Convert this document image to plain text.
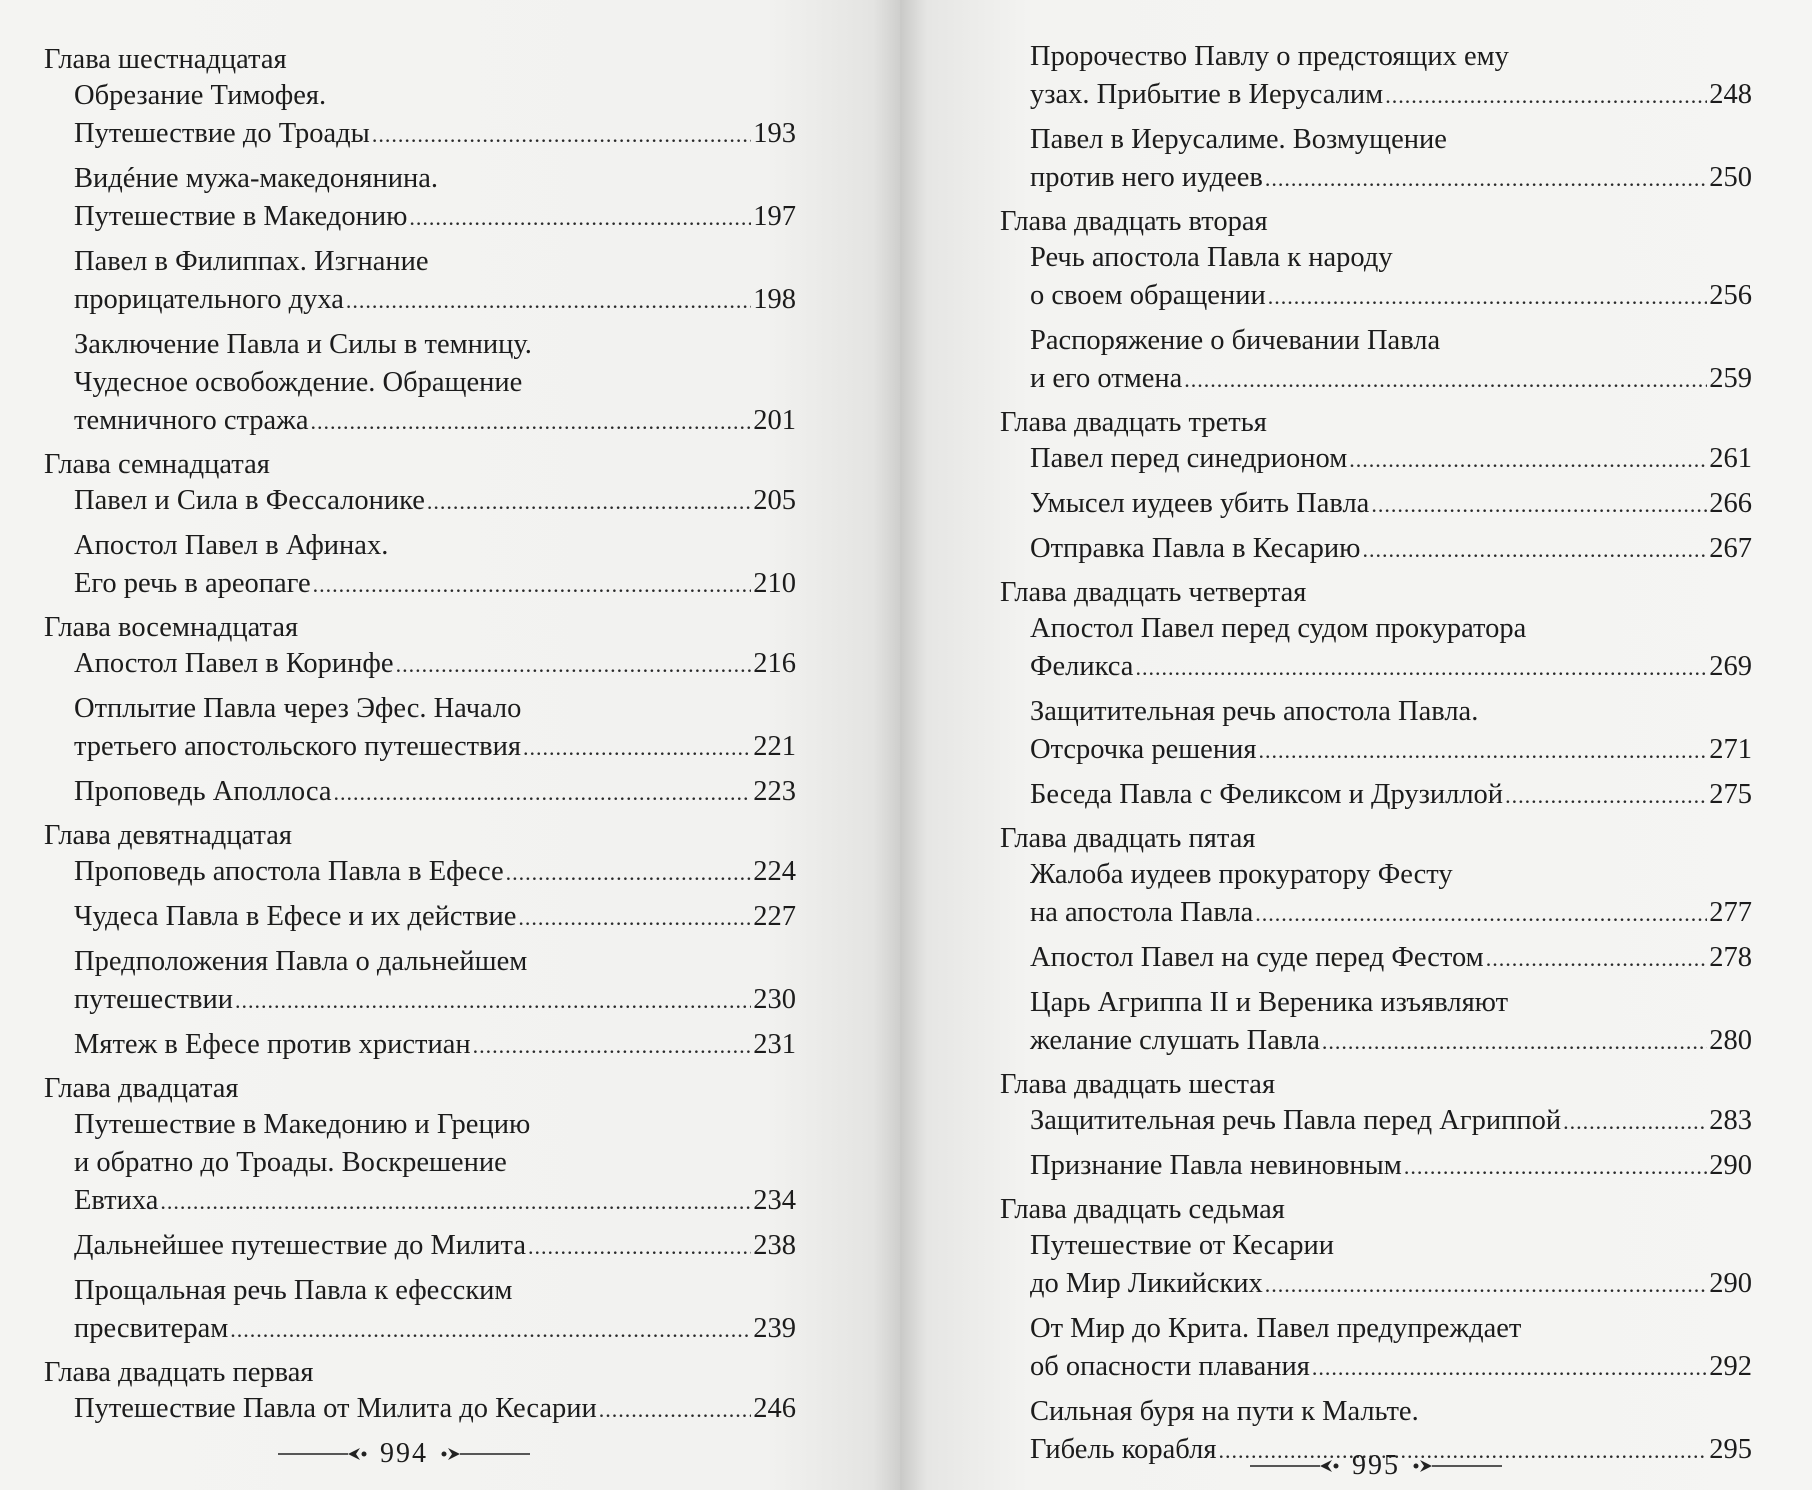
Глава шестнадцатая
Обрезание Тимофея.
Путешествие до Троады .....	193
Видéние мужа-македонянина.
Путешествие в Македонию .....	197
Павел в Филиппах. Изгнание
прорицательного духа .....	198
Заключение Павла и Силы в темницу.
Чудесное освобождение. Обращение
темничного стража .....	201
Глава семнадцатая
Павел и Сила в Фессалонике .....	205
Апостол Павел в Афинах.
Его речь в ареопаге .....	210
Глава восемнадцатая
Апостол Павел в Коринфе .....	216
Отплытие Павла через Эфес. Начало
третьего апостольского путешествия .....	221
Проповедь Аполлоса .....	223
Глава девятнадцатая
Проповедь апостола Павла в Ефесе .....	224
Чудеса Павла в Ефесе и их действие .....	227
Предположения Павла о дальнейшем
путешествии .....	230
Мятеж в Ефесе против христиан .....	231
Глава двадцатая
Путешествие в Македонию и Грецию
и обратно до Троады. Воскрешение
Евтиха .....	234
Дальнейшее путешествие до Милита .....	238
Прощальная речь Павла к ефесским
пресвитерам .....	239
Глава двадцать первая
Путешествие Павла от Милита до Кесарии .....	246
994
Пророчество Павлу о предстоящих ему
узах. Прибытие в Иерусалим .....	248
Павел в Иерусалиме. Возмущение
против него иудеев .....	250
Глава двадцать вторая
Речь апостола Павла к народу
о своем обращении .....	256
Распоряжение о бичевании Павла
и его отмена .....	259
Глава двадцать третья
Павел перед синедрионом .....	261
Умысел иудеев убить Павла .....	266
Отправка Павла в Кесарию .....	267
Глава двадцать четвертая
Апостол Павел перед судом прокуратора
Феликса .....	269
Защитительная речь апостола Павла.
Отсрочка решения .....	271
Беседа Павла с Феликсом и Друзиллой .....	275
Глава двадцать пятая
Жалоба иудеев прокуратору Фесту
на апостола Павла .....	277
Апостол Павел на суде перед Фестом .....	278
Царь Агриппа II и Вереника изъявляют
желание слушать Павла .....	280
Глава двадцать шестая
Защитительная речь Павла перед Агриппой .....	283
Признание Павла невиновным .....	290
Глава двадцать седьмая
Путешествие от Кесарии
до Мир Ликийских .....	290
От Мир до Крита. Павел предупреждает
об опасности плавания .....	292
Сильная буря на пути к Мальте.
Гибель корабля .....	295
995
